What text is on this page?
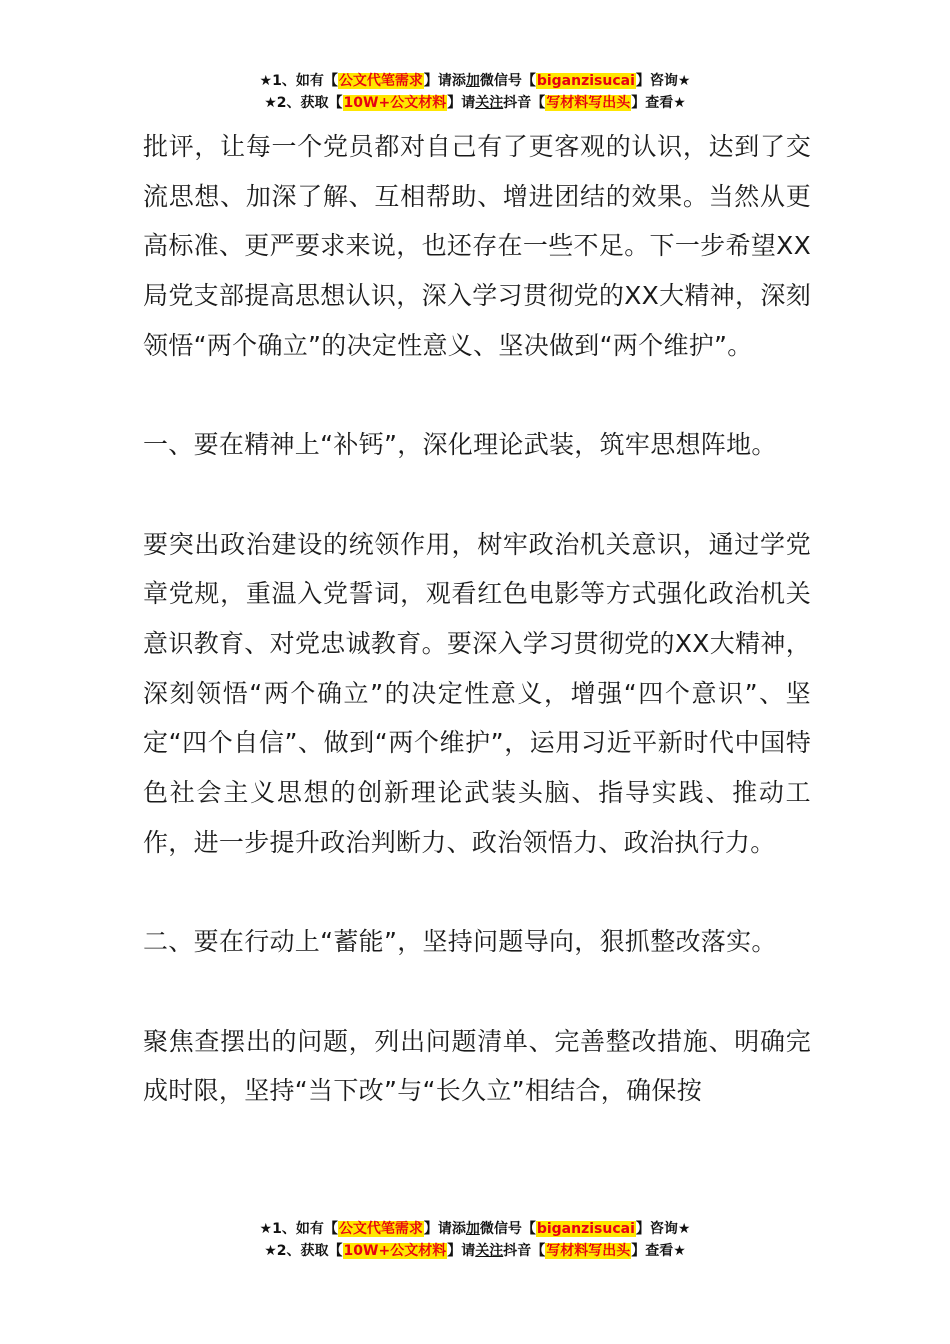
★1、如有【公文代笔需求】请添加微信号【biganzisucai】咨询★
★2、获取【10W+公文材料】请关注抖音【写材料写出头】查看★

批评，让每一个党员都对自己有了更客观的认识，达到了交流思想、加深了解、互相帮助、增进团结的效果。当然从更高标准、更严要求来说，也还存在一些不足。下一步希望XX局党支部提高思想认识，深入学习贯彻党的XX大精神，深刻领悟“两个确立”的决定性意义、坚决做到“两个维护”。

一、要在精神上“补钙”，深化理论武装，筑牢思想阵地。

要突出政治建设的统领作用，树牢政治机关意识，通过学党章党规，重温入党誓词，观看红色电影等方式强化政治机关意识教育、对党忠诚教育。要深入学习贯彻党的XX大精神，深刻领悟“两个确立”的决定性意义，增强“四个意识”、坚定“四个自信”、做到“两个维护”，运用习近平新时代中国特色社会主义思想的创新理论武装头脑、指导实践、推动工作，进一步提升政治判断力、政治领悟力、政治执行力。

二、要在行动上“蓄能”，坚持问题导向，狠抓整改落实。

聚焦查摆出的问题，列出问题清单、完善整改措施、明确完成时限，坚持“当下改”与“长久立”相结合，确保按

★1、如有【公文代笔需求】请添加微信号【biganzisucai】咨询★
★2、获取【10W+公文材料】请关注抖音【写材料写出头】查看★
